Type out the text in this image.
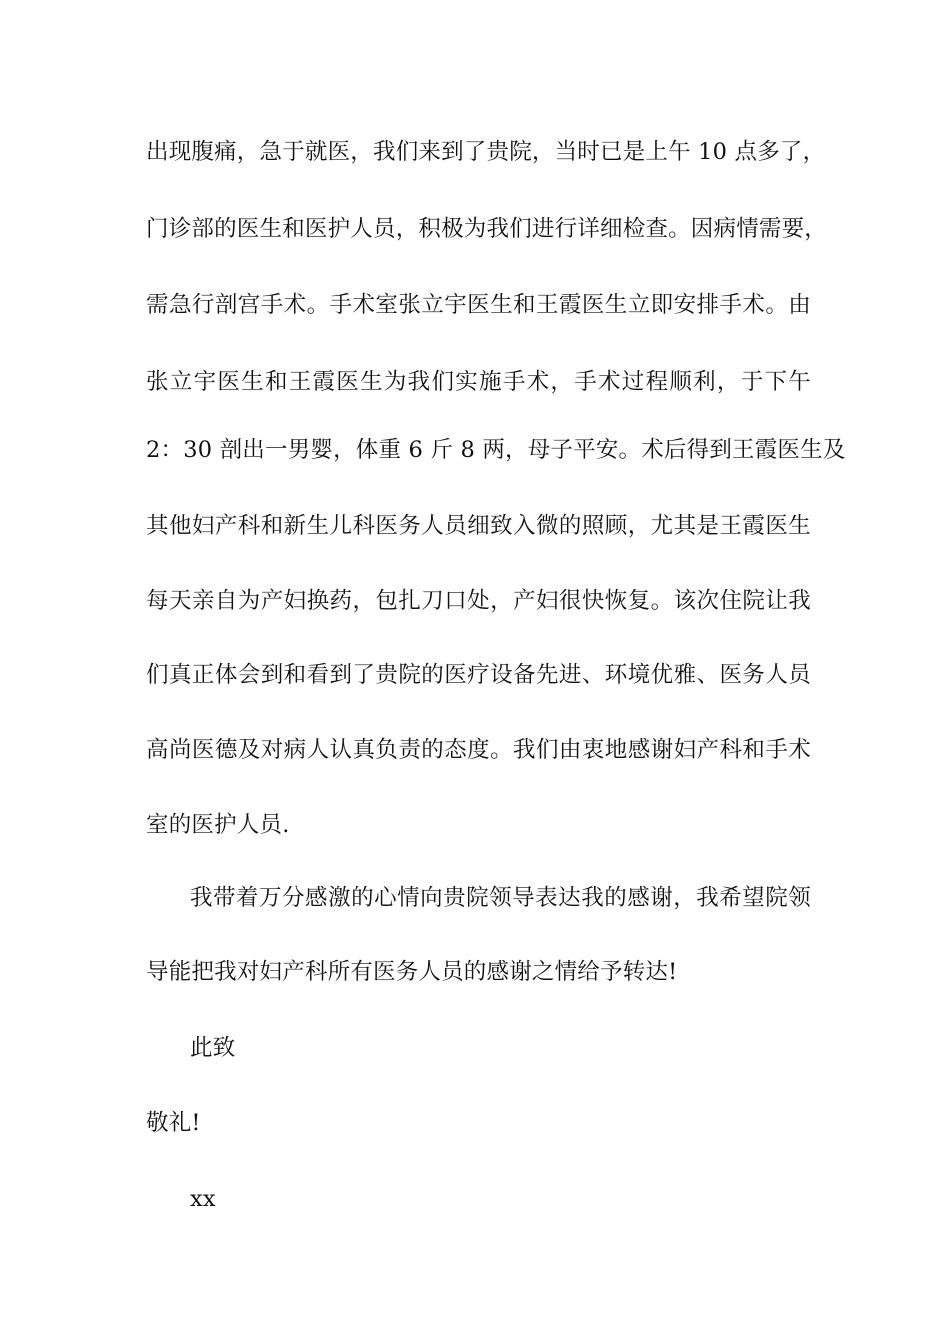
出现腹痛，急于就医，我们来到了贵院，当时已是上午 10 点多了，
门诊部的医生和医护人员，积极为我们进行详细检查。因病情需要，
需急行剖宫手术。手术室张立宇医生和王霞医生立即安排手术。由
张立宇医生和王霞医生为我们实施手术，手术过程顺利，于下午
2：30 剖出一男婴，体重 6 斤 8 两，母子平安。术后得到王霞医生及
其他妇产科和新生儿科医务人员细致入微的照顾，尤其是王霞医生
每天亲自为产妇换药，包扎刀口处，产妇很快恢复。该次住院让我
们真正体会到和看到了贵院的医疗设备先进、环境优雅、医务人员
高尚医德及对病人认真负责的态度。我们由衷地感谢妇产科和手术
室的医护人员.
我带着万分感激的心情向贵院领导表达我的感谢，我希望院领
导能把我对妇产科所有医务人员的感谢之情给予转达!
此致
敬礼!
xx
